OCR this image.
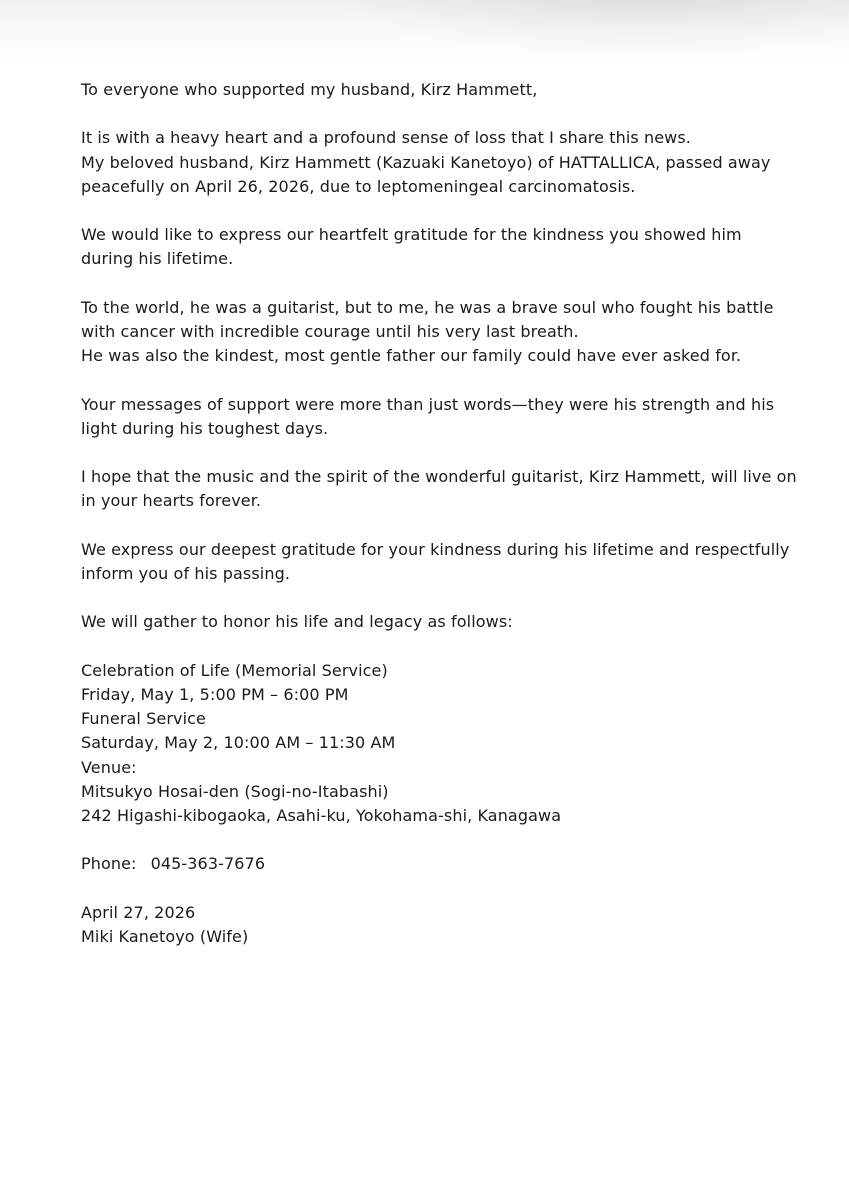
To everyone who supported my husband, Kirz Hammett,

It is with a heavy heart and a profound sense of loss that I share this news.
My beloved husband, Kirz Hammett (Kazuaki Kanetoyo) of HATTALLICA, passed away
peacefully on April 26, 2026, due to leptomeningeal carcinomatosis.

We would like to express our heartfelt gratitude for the kindness you showed him
during his lifetime.

To the world, he was a guitarist, but to me, he was a brave soul who fought his battle
with cancer with incredible courage until his very last breath.
He was also the kindest, most gentle father our family could have ever asked for.

Your messages of support were more than just words—they were his strength and his
light during his toughest days.

I hope that the music and the spirit of the wonderful guitarist, Kirz Hammett, will live on
in your hearts forever.

We express our deepest gratitude for your kindness during his lifetime and respectfully
inform you of his passing.

We will gather to honor his life and legacy as follows:

Celebration of Life (Memorial Service)
Friday, May 1, 5:00 PM – 6:00 PM
Funeral Service
Saturday, May 2, 10:00 AM – 11:30 AM
Venue:
Mitsukyo Hosai-den (Sogi-no-Itabashi)
242 Higashi-kibogaoka, Asahi-ku, Yokohama-shi, Kanagawa

Phone: 045-363-7676

April 27, 2026
Miki Kanetoyo (Wife)
